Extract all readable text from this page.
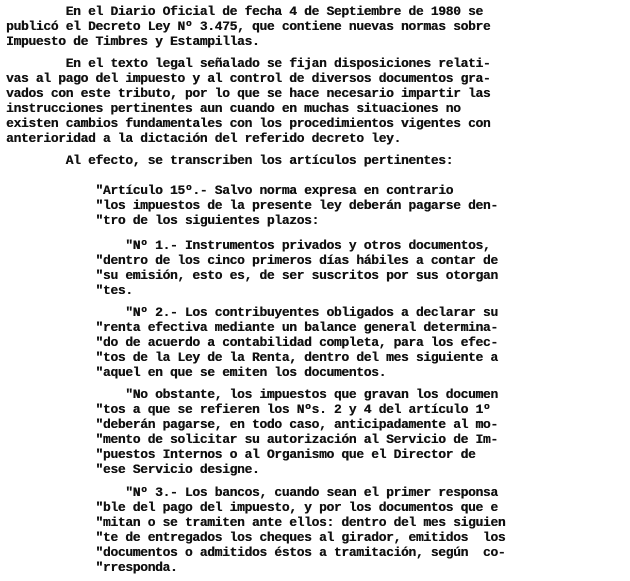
En el Diario Oficial de fecha 4 de Septiembre de 1980 se
publicó el Decreto Ley Nº 3.475, que contiene nuevas normas sobre
Impuesto de Timbres y Estampillas.
En el texto legal señalado se fijan disposiciones relati-
vas al pago del impuesto y al control de diversos documentos gra-
vados con este tributo, por lo que se hace necesario impartir las
instrucciones pertinentes aun cuando en muchas situaciones no
existen cambios fundamentales con los procedimientos vigentes con
anterioridad a la dictación del referido decreto ley.
Al efecto, se transcriben los artículos pertinentes:
"Artículo 15º.- Salvo norma expresa en contrario
"los impuestos de la presente ley deberán pagarse den-
"tro de los siguientes plazos:
"Nº 1.- Instrumentos privados y otros documentos,
"dentro de los cinco primeros días hábiles a contar de
"su emisión, esto es, de ser suscritos por sus otorgan
"tes.
"Nº 2.- Los contribuyentes obligados a declarar su
"renta efectiva mediante un balance general determina-
"do de acuerdo a contabilidad completa, para los efec-
"tos de la Ley de la Renta, dentro del mes siguiente a
"aquel en que se emiten los documentos.
"No obstante, los impuestos que gravan los documen
"tos a que se refieren los Nºs. 2 y 4 del artículo 1º
"deberán pagarse, en todo caso, anticipadamente al mo-
"mento de solicitar su autorización al Servicio de Im-
"puestos Internos o al Organismo que el Director de
"ese Servicio designe.
"Nº 3.- Los bancos, cuando sean el primer responsa
"ble del pago del impuesto, y por los documentos que e
"mitan o se tramiten ante ellos: dentro del mes siguien
"te de entregados los cheques al girador, emitidos  los
"documentos o admitidos éstos a tramitación, según  co-
"rresponda.
